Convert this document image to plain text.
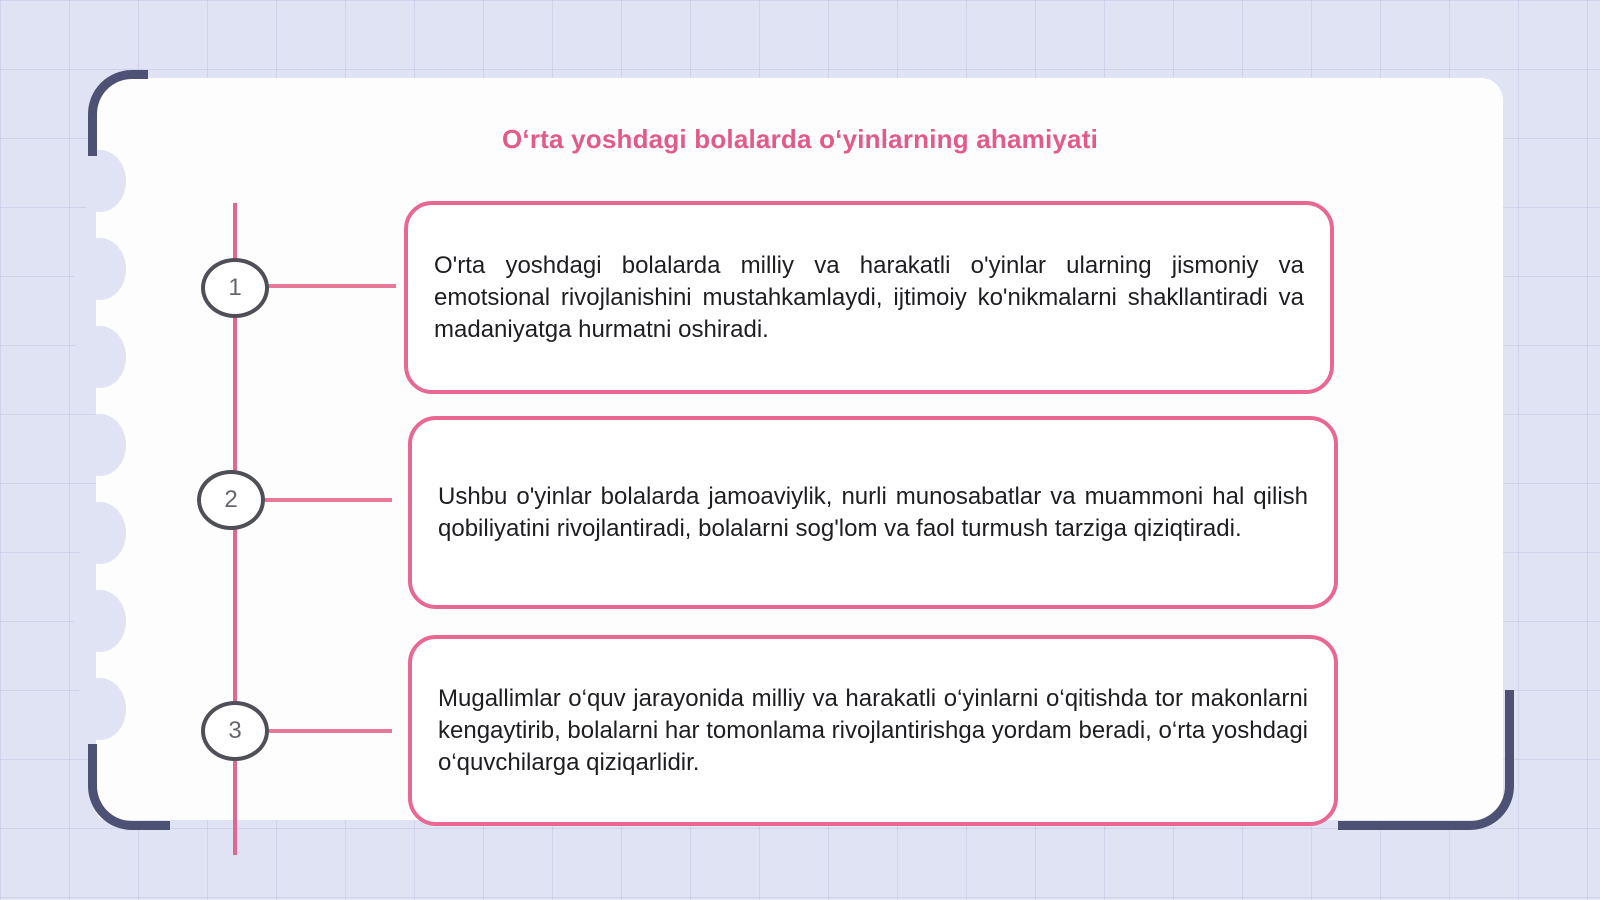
O‘rta yoshdagi bolalarda o‘yinlarning ahamiyati
1
2
3

O'rta yoshdagi bolalarda milliy va harakatli o'yinlar ularning jismoniy va emotsional rivojlanishini mustahkamlaydi, ijtimoiy ko'nikmalarni shakllantiradi va madaniyatga hurmatni oshiradi.

Ushbu o'yinlar bolalarda jamoaviylik, nurli munosabatlar va muammoni hal qilish qobiliyatini rivojlantiradi, bolalarni sog'lom va faol turmush tarziga qiziqtiradi.

Mugallimlar o‘quv jarayonida milliy va harakatli o‘yinlarni o‘qitishda tor makonlarni kengaytirib, bolalarni har tomonlama rivojlantirishga yordam beradi, o‘rta yoshdagi o‘quvchilarga qiziqarlidir.
